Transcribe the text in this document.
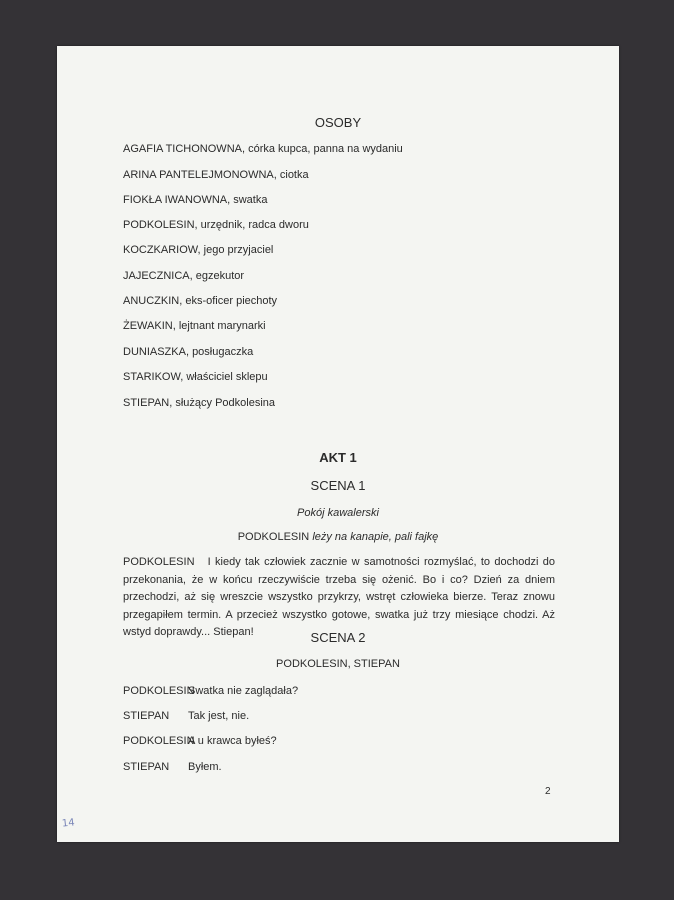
OSOBY
AGAFIA TICHONOWNA, córka kupca, panna na wydaniu
ARINA PANTELEJMONOWNA, ciotka
FIOKŁA IWANOWNA, swatka
PODKOLESIN, urzędnik, radca dworu
KOCZKARIOW, jego przyjaciel
JAJECZNICA, egzekutor
ANUCZKIN, eks-oficer piechoty
ŻEWAKIN, lejtnant marynarki
DUNIASZKA, posługaczka
STARIKOW, właściciel sklepu
STIEPAN, służący Podkolesina
AKT 1
SCENA 1
Pokój kawalerski
PODKOLESIN leży na kanapie, pali fajkę
PODKOLESIN I kiedy tak człowiek zacznie w samotności rozmyślać, to dochodzi do przekonania, że w końcu rzeczywiście trzeba się ożenić. Bo i co? Dzień za dniem przechodzi, aż się wreszcie wszystko przykrzy, wstręt człowieka bierze. Teraz znowu przegapiłem termin. A przecież wszystko gotowe, swatka już trzy miesiące chodzi. Aż wstyd doprawdy... Stiepan!	SCENA 2
PODKOLESIN, STIEPAN
PODKOLESIN
Swatka nie zaglądała?
STIEPAN Tak jest, nie.
PODKOLESIN
A u krawca byłeś?
STIEPAN Byłem.
2
14
